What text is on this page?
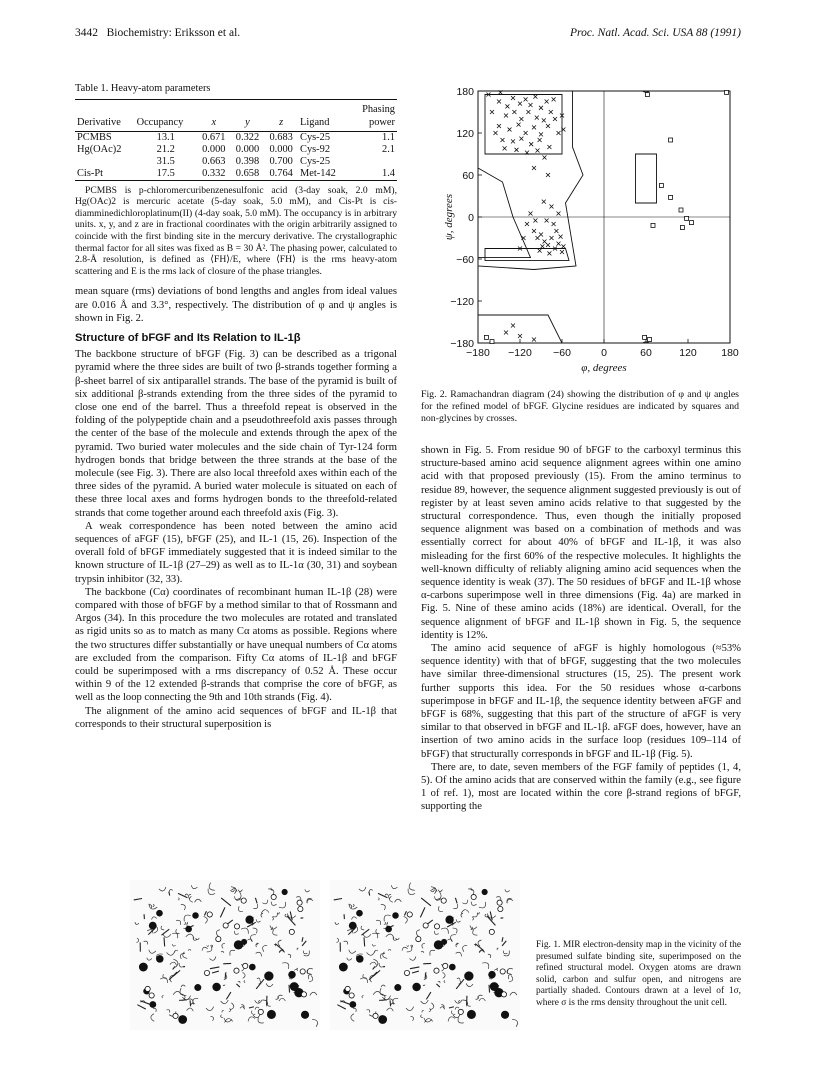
3442 Biochemistry: Eriksson et al.	Proc. Natl. Acad. Sci. USA 88 (1991)
Table 1. Heavy-atom parameters

Derivative	Occupancy	x	y	z	Ligand	Phasing power
PCMBS	13.1	0.671	0.322	0.683	Cys-25	1.1
Hg(OAc)2	21.2	0.000	0.000	0.000	Cys-92	2.1
	31.5	0.663	0.398	0.700	Cys-25	
Cis-Pt	17.5	0.332	0.658	0.764	Met-142	1.4
PCMBS is p-chloromercuribenzenesulfonic acid (3-day soak, 2.0 mM), Hg(OAc)2 is mercuric acetate (5-day soak, 5.0 mM), and Cis-Pt is cis-diamminedichloroplatinum(II) (4-day soak, 5.0 mM). The occupancy is in arbitrary units. x, y, and z are in fractional coordinates with the origin arbitrarily assigned to coincide with the first binding site in the mercury derivative. The crystallographic thermal factor for all sites was fixed as B = 30 Å². The phasing power, calculated to 2.8-Å resolution, is defined as ⟨FH⟩/E, where ⟨FH⟩ is the rms heavy-atom scattering and E is the rms lack of closure of the phase triangles.

mean square (rms) deviations of bond lengths and angles from ideal values are 0.016 Å and 3.3°, respectively. The distribution of φ and ψ angles is shown in Fig. 2.

Structure of bFGF and Its Relation to IL-1β

The backbone structure of bFGF (Fig. 3) can be described as a trigonal pyramid where the three sides are built of two β-strands together forming a β-sheet barrel of six antiparallel strands. The base of the pyramid is built of six additional β-strands extending from the three sides of the pyramid to close one end of the barrel. Thus a threefold repeat is observed in the folding of the polypeptide chain and a pseudothreefold axis passes through the center of the base of the molecule and extends through the apex of the pyramid. Two buried water molecules and the side chain of Tyr-124 form hydrogen bonds that bridge between the three strands at the base of the molecule (see Fig. 3). There are also local threefold axes within each of the three sides of the pyramid. A buried water molecule is situated on each of these three local axes and forms hydrogen bonds to the threefold-related strands that come together around each threefold axis (Fig. 3).

A weak correspondence has been noted between the amino acid sequences of aFGF (15), bFGF (25), and IL-1 (15, 26). Inspection of the overall fold of bFGF immediately suggested that it is indeed similar to the known structure of IL-1β (27–29) as well as to IL-1α (30, 31) and soybean trypsin inhibitor (32, 33).

The backbone (Cα) coordinates of recombinant human IL-1β (28) were compared with those of bFGF by a method similar to that of Rossmann and Argos (34). In this procedure the two molecules are rotated and translated as rigid units so as to match as many Cα atoms as possible. Regions where the two structures differ substantially or have unequal numbers of Cα atoms are excluded from the comparison. Fifty Cα atoms of IL-1β and bFGF could be superimposed with a rms discrepancy of 0.52 Å. These occur within 9 of the 12 extended β-strands that comprise the core of bFGF, as well as the loop connecting the 9th and 10th strands (Fig. 4).

The alignment of the amino acid sequences of bFGF and IL-1β that corresponds to their structural superposition is

−180 −120 −60	0	60	120 180
180
120
60
0
−60
−120
−180
φ, degrees
ψ, degrees
Fig. 2. Ramachandran diagram (24) showing the distribution of φ and ψ angles for the refined model of bFGF. Glycine residues are indicated by squares and non-glycines by crosses.

shown in Fig. 5. From residue 90 of bFGF to the carboxyl terminus this structure-based amino acid sequence alignment agrees within one amino acid with that proposed previously (15). From the amino terminus to residue 89, however, the sequence alignment suggested previously is out of register by at least seven amino acids relative to that suggested by the structural correspondence. Thus, even though the initially proposed sequence alignment was based on a combination of methods and was essentially correct for about 40% of bFGF and IL-1β, it was also misleading for the first 60% of the respective molecules. It highlights the well-known difficulty of reliably aligning amino acid sequences when the sequence identity is weak (37). The 50 residues of bFGF and IL-1β whose α-carbons superimpose well in three dimensions (Fig. 4a) are marked in Fig. 5. Nine of these amino acids (18%) are identical. Overall, for the sequence alignment of bFGF and IL-1β shown in Fig. 5, the sequence identity is 12%.

The amino acid sequence of aFGF is highly homologous (≈53% sequence identity) with that of bFGF, suggesting that the two molecules have similar three-dimensional structures (15, 25). The present work further supports this idea. For the 50 residues whose α-carbons superimpose in bFGF and IL-1β, the sequence identity between aFGF and bFGF is 68%, suggesting that this part of the structure of aFGF is very similar to that observed in bFGF and IL-1β. aFGF does, however, have an insertion of two amino acids in the surface loop (residues 109–114 of bFGF) that structurally corresponds in bFGF and IL-1β (Fig. 5).

There are, to date, seven members of the FGF family of peptides (1, 4, 5). Of the amino acids that are conserved within the family (e.g., see figure 1 of ref. 1), most are located within the core β-strand regions of bFGF, supporting the

Fig. 1. MIR electron-density map in the vicinity of the presumed sulfate binding site, superimposed on the refined structural model. Oxygen atoms are drawn solid, carbon and sulfur open, and nitrogens are partially shaded. Contours drawn at a level of 1σ, where σ is the rms density throughout the unit cell.
